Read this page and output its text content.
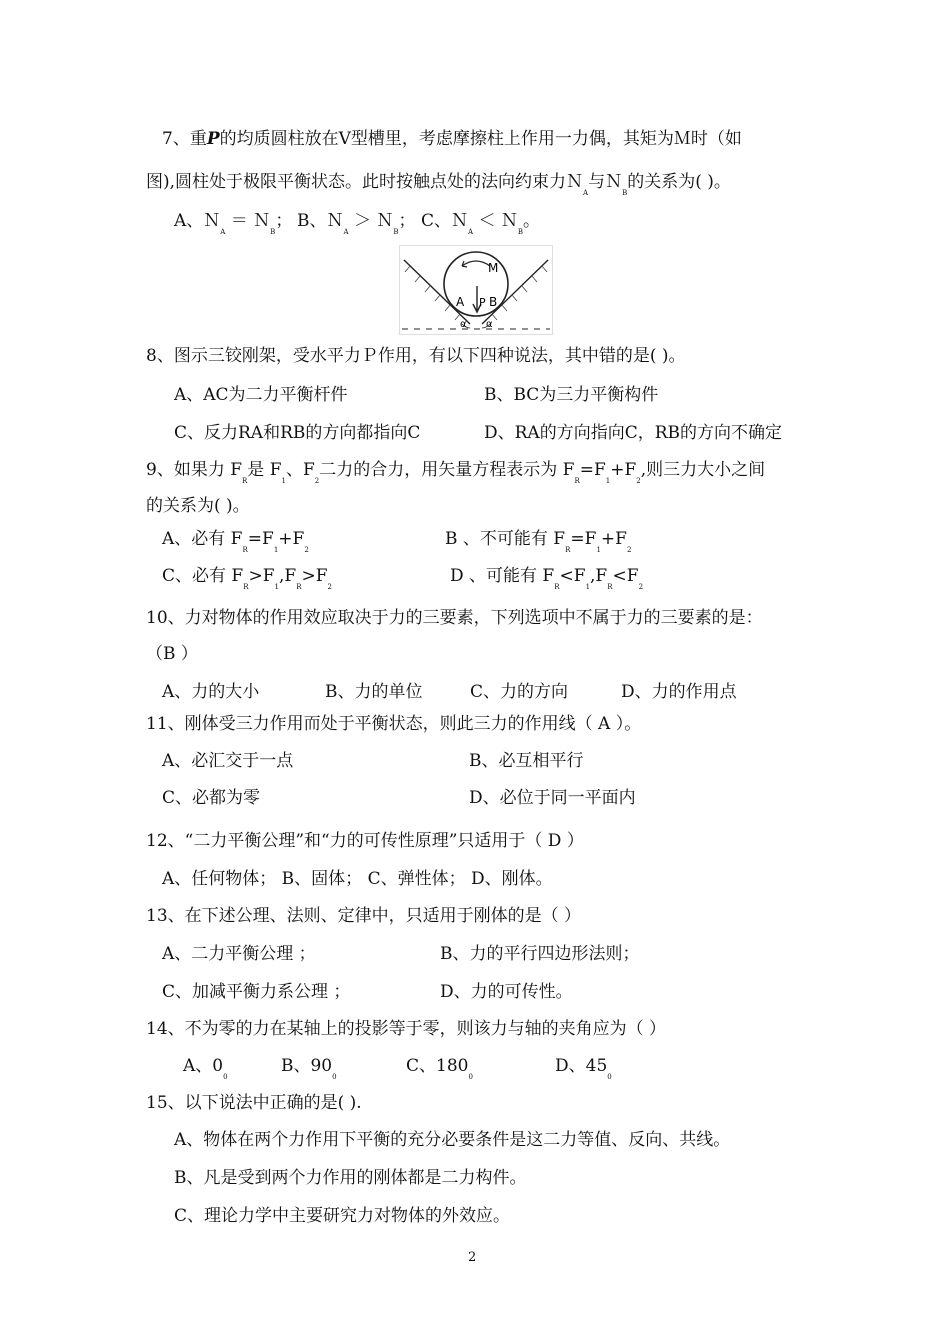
7、重P的均质圆柱放在Ⅴ型槽里，考虑摩擦柱上作用一力偶，其矩为Ｍ时（如
图),圆柱处于极限平衡状态。此时按触点处的法向约束力Ｎ$_A$与Ｎ$_B$的关系为( )。
A、Ｎ$_A$ ＝ Ｎ$_B$； B、Ｎ$_A$ ＞ Ｎ$_B$； C、Ｎ$_A$ ＜ Ｎ$_B$。
M
A P B
α α
8、图示三铰刚架，受水平力Ｐ作用，有以下四种说法，其中错的是( )。
A、AC为二力平衡杆件	B、BC为三力平衡构件
C、反力RA和RB的方向都指向C	D、RA的方向指向C，RB的方向不确定
9、如果力 $F_R$是 $F_1$、$F_2$二力的合力，用矢量方程表示为 $F_R=F_1+F_2$,则三力大小之间
的关系为( )。
A、必有 $F_R=F_1+F_2$
B 、不可能有 $F_R=F_1+F_2$
C、必有 $F_R>F_1,F_R>F_2$
D 、可能有 $F_R<F_1,F_R<F_2$
10、力对物体的作用效应取决于力的三要素，下列选项中不属于力的三要素的是：
（B ）
A、力的大小	B、力的单位	C、力的方向	D、力的作用点
11、刚体受三力作用而处于平衡状态，则此三力的作用线（ A ）。
A、必汇交于一点	B、必互相平行
C、必都为零	D、必位于同一平面内
12、“二力平衡公理”和“力的可传性原理”只适用于（ D ）
A、任何物体； B、固体； C、弹性体； D、刚体。
13、在下述公理、法则、定律中，只适用于刚体的是（ ）
A、二力平衡公理 ；	B、力的平行四边形法则；
C、加减平衡力系公理 ；	D、力的可传性。
14、不为零的力在某轴上的投影等于零，则该力与轴的夹角应为（ ）
A、$0_0$
B、$90_0$
C、$180_0$
D、$45_0$
15、以下说法中正确的是( ).
A、物体在两个力作用下平衡的充分必要条件是这二力等值、反向、共线。
B、凡是受到两个力作用的刚体都是二力构件。
C、理论力学中主要研究力对物体的外效应。
2
